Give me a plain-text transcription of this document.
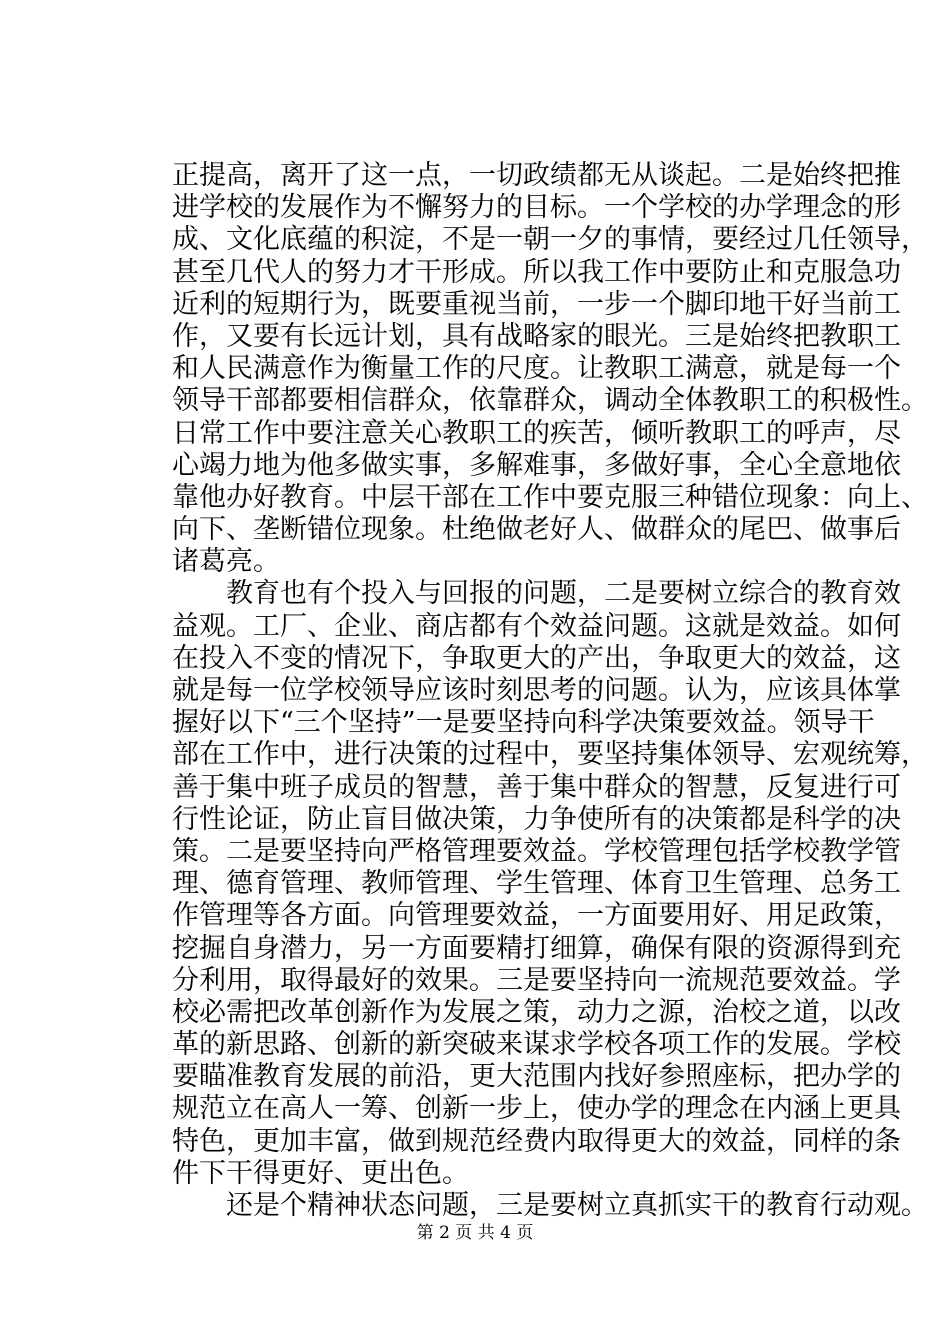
正提高，离开了这一点，一切政绩都无从谈起。二是始终把推
进学校的发展作为不懈努力的目标。一个学校的办学理念的形
成、文化底蕴的积淀，不是一朝一夕的事情，要经过几任领导，
甚至几代人的努力才干形成。所以我工作中要防止和克服急功
近利的短期行为，既要重视当前，一步一个脚印地干好当前工
作，又要有长远计划，具有战略家的眼光。三是始终把教职工
和人民满意作为衡量工作的尺度。让教职工满意，就是每一个
领导干部都要相信群众，依靠群众，调动全体教职工的积极性。
日常工作中要注意关心教职工的疾苦，倾听教职工的呼声，尽
心竭力地为他多做实事，多解难事，多做好事，全心全意地依
靠他办好教育。中层干部在工作中要克服三种错位现象：向上、
向下、垄断错位现象。杜绝做老好人、做群众的尾巴、做事后
诸葛亮。
教育也有个投入与回报的问题，二是要树立综合的教育效
益观。工厂、企业、商店都有个效益问题。这就是效益。如何
在投入不变的情况下，争取更大的产出，争取更大的效益，这
就是每一位学校领导应该时刻思考的问题。认为，应该具体掌
握好以下“三个坚持”一是要坚持向科学决策要效益。领导干
部在工作中，进行决策的过程中，要坚持集体领导、宏观统筹，
善于集中班子成员的智慧，善于集中群众的智慧，反复进行可
行性论证，防止盲目做决策，力争使所有的决策都是科学的决
策。二是要坚持向严格管理要效益。学校管理包括学校教学管
理、德育管理、教师管理、学生管理、体育卫生管理、总务工
作管理等各方面。向管理要效益，一方面要用好、用足政策，
挖掘自身潜力，另一方面要精打细算，确保有限的资源得到充
分利用，取得最好的效果。三是要坚持向一流规范要效益。学
校必需把改革创新作为发展之策，动力之源，治校之道，以改
革的新思路、创新的新突破来谋求学校各项工作的发展。学校
要瞄准教育发展的前沿，更大范围内找好参照座标，把办学的
规范立在高人一筹、创新一步上，使办学的理念在内涵上更具
特色，更加丰富，做到规范经费内取得更大的效益，同样的条
件下干得更好、更出色。
还是个精神状态问题，三是要树立真抓实干的教育行动观。
第 2 页 共 4 页
